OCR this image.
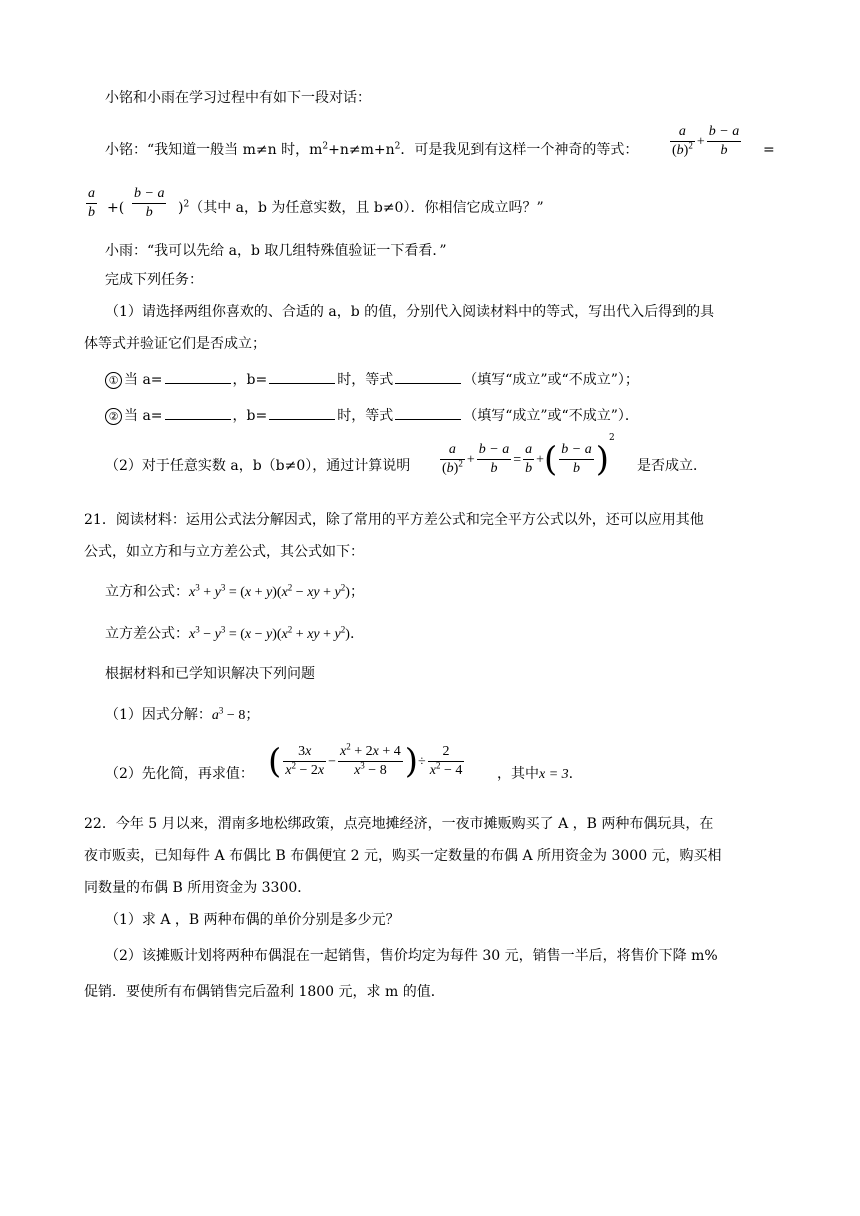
小铭和小雨在学习过程中有如下一段对话：
小铭：“我知道一般当 m≠n 时，$m^2+n\ne m+n^2$．可是我见到有这样一个神奇的等式： $\frac{a}{(b)^2} + \frac{b - a}{b}$ =
$\frac{a}{b}$ +( $\frac{b - a}{b} )^2$（其中 a，b 为任意实数，且 b≠0）．你相信它成立吗？”
小雨：“我可以先给 a，b 取几组特殊值验证一下看看．”
完成下列任务：
（1）请选择两组你喜欢的、合适的 a，b 的值，分别代入阅读材料中的等式，写出代入后得到的具
体等式并验证它们是否成立；
① 当 a=	，b=	时，等式	（填写“成立”或“不成立”）；
② 当 a=	，b=	时，等式	（填写“成立”或“不成立”）．
（2）对于任意实数 a，b（b≠0），通过计算说明 $\frac{a}{(b)^2} + \frac{b - a}{b} = \frac{a}{b}$ +( $\frac{b - a}{b} )^2$
是否成立．
21．阅读材料：运用公式法分解因式，除了常用的平方差公式和完全平方公式以外，还可以应用其他
公式，如立方和与立方差公式，其公式如下：
立方和公式：$x^3 + y^3 = (x + y)(x^2$ − xy + $y^2$)；
立方差公式：$x^3 - y^3 = (x - y)(x^2$ + xy + $y^2$).
根据材料和已学知识解决下列问题
（1）因式分解：$a^3 - 8$；
（2）先化简，再求值： ( $\frac{3x}{x^2 - 2x} - \frac{x^2 + 2x + 4}{x^3 - 8}$ )÷ $\frac{2}{x^2 - 4}$ ，其中x = 3.
22．今年 5 月以来，渭南多地松绑政策，点亮地摊经济，一夜市摊贩购买了 A ，B 两种布偶玩具，在
夜市贩卖，已知每件 A 布偶比 B 布偶便宜 2 元，购买一定数量的布偶 A 所用资金为 3000 元，购买相
同数量的布偶 B 所用资金为 3300．
（1）求 A ，B 两种布偶的单价分别是多少元？
（2）该摊贩计划将两种布偶混在一起销售，售价均定为每件 30 元，销售一半后，将售价下降 m%
促销．要使所有布偶销售完后盈利 1800 元，求 m 的值．
